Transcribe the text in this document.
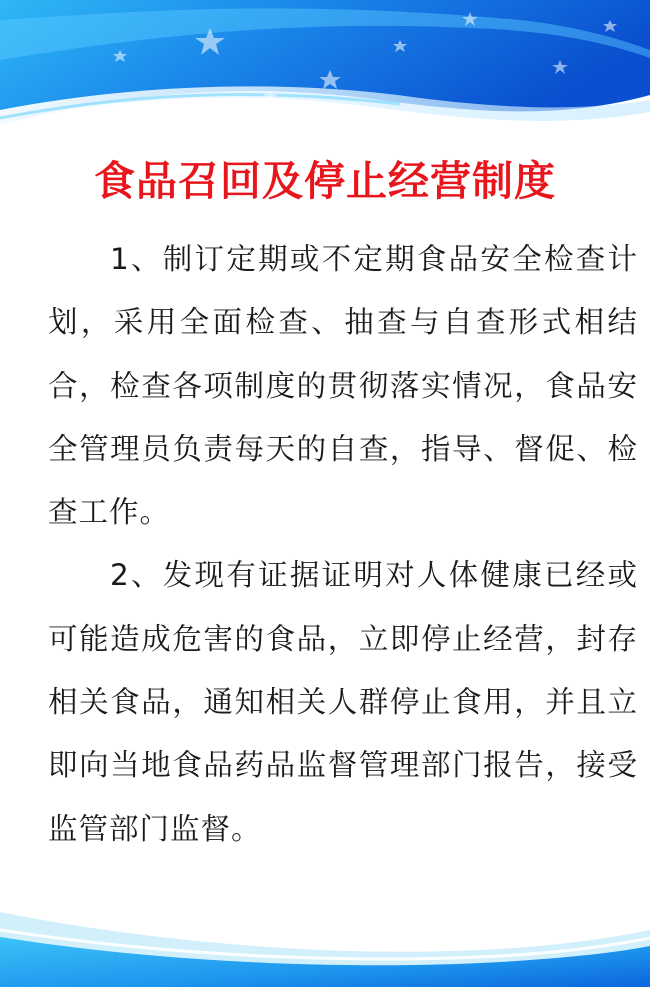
食品召回及停止经营制度

1、制订定期或不定期食品安全检查计划，采用全面检查、抽查与自查形式相结合，检查各项制度的贯彻落实情况，食品安全管理员负责每天的自查，指导、督促、检查工作。

2、发现有证据证明对人体健康已经或可能造成危害的食品，立即停止经营，封存相关食品，通知相关人群停止食用，并且立即向当地食品药品监督管理部门报告，接受监管部门监督。
